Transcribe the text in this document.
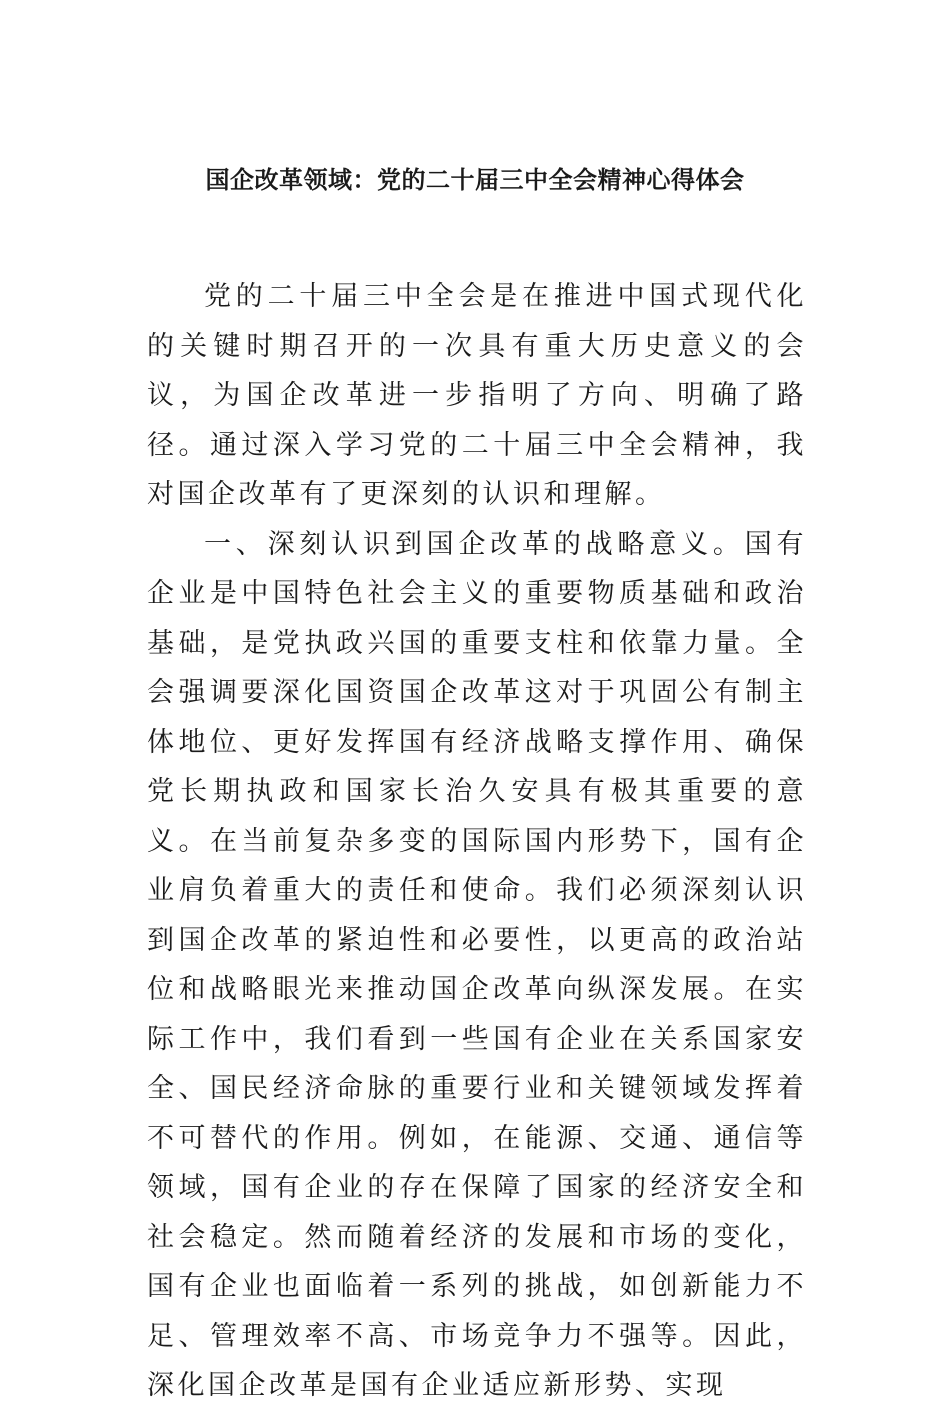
国企改革领域：党的二十届三中全会精神心得体会

党的二十届三中全会是在推进中国式现代化的关键时期召开的一次具有重大历史意义的会议，为国企改革进一步指明了方向、明确了路径。通过深入学习党的二十届三中全会精神，我对国企改革有了更深刻的认识和理解。

一、深刻认识到国企改革的战略意义。国有企业是中国特色社会主义的重要物质基础和政治基础，是党执政兴国的重要支柱和依靠力量。全会强调要深化国资国企改革这对于巩固公有制主体地位、更好发挥国有经济战略支撑作用、确保党长期执政和国家长治久安具有极其重要的意义。在当前复杂多变的国际国内形势下，国有企业肩负着重大的责任和使命。我们必须深刻认识到国企改革的紧迫性和必要性，以更高的政治站位和战略眼光来推动国企改革向纵深发展。在实际工作中，我们看到一些国有企业在关系国家安全、国民经济命脉的重要行业和关键领域发挥着不可替代的作用。例如，在能源、交通、通信等领域，国有企业的存在保障了国家的经济安全和社会稳定。然而随着经济的发展和市场的变化，国有企业也面临着一系列的挑战，如创新能力不足、管理效率不高、市场竞争力不强等。因此，深化国企改革是国有企业适应新形势、实现
